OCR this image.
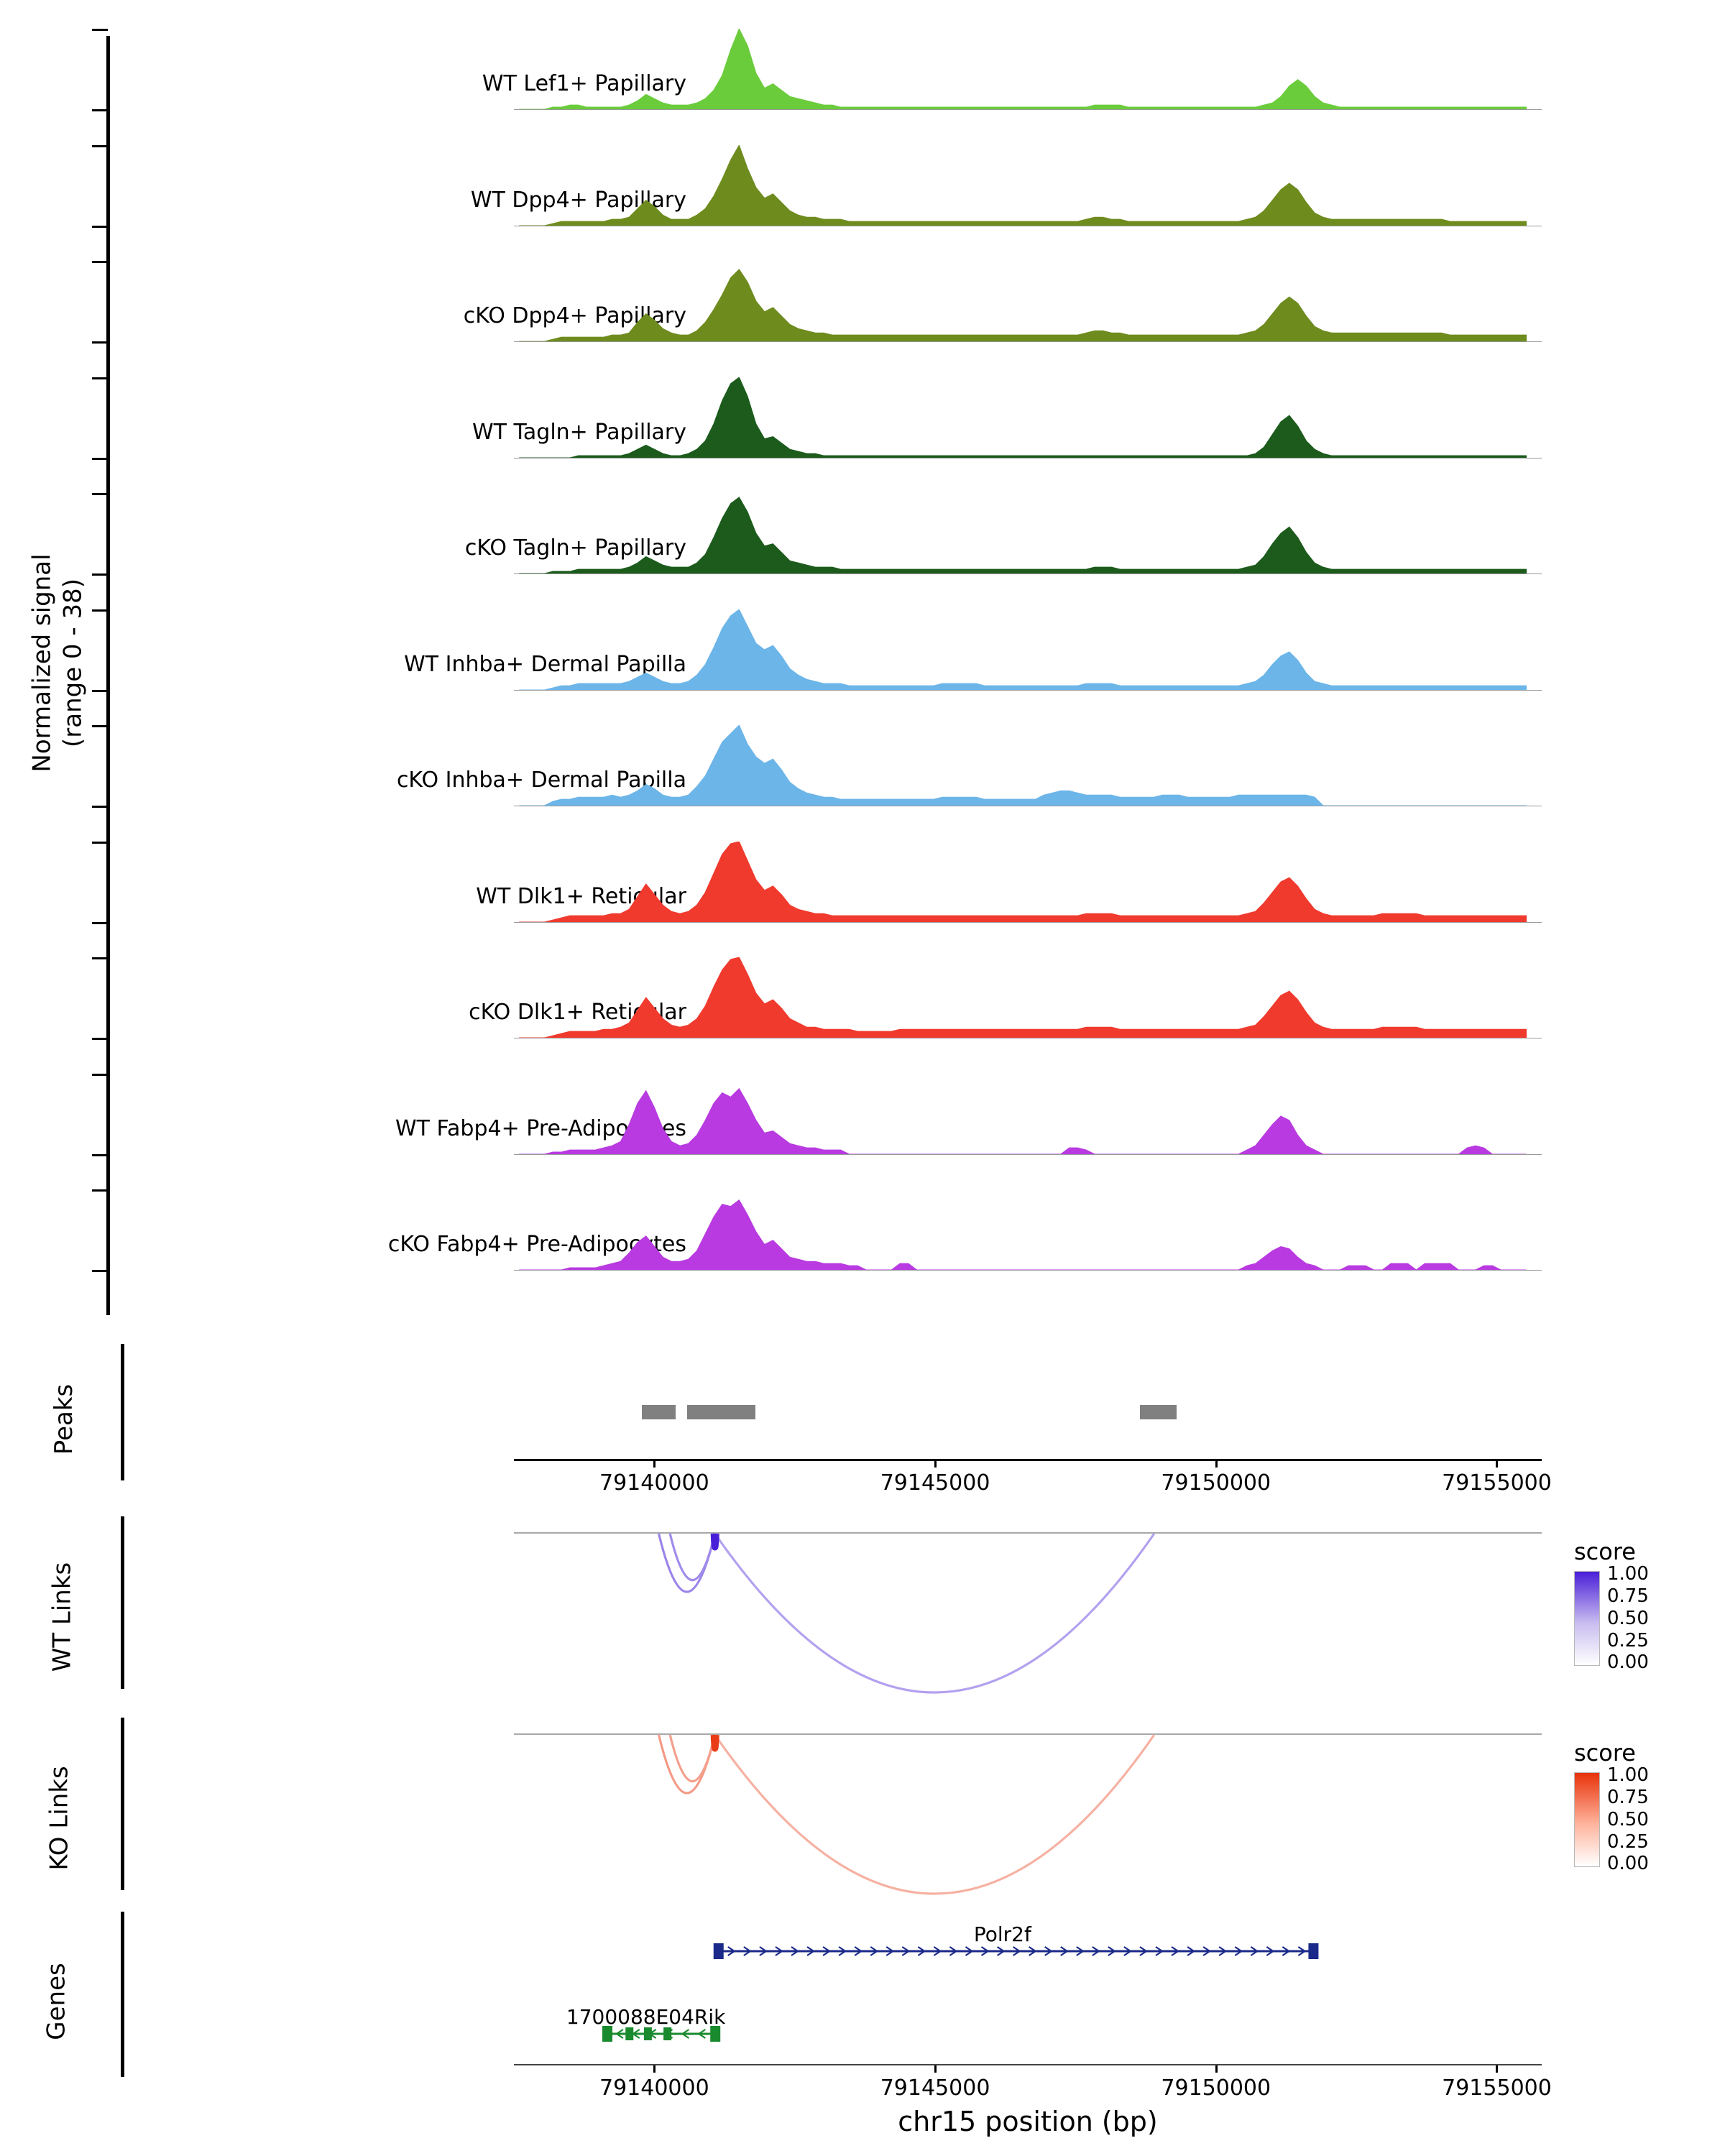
Normalized signal (range 0 - 38)
WT Lef1+ Papillary
WT Dpp4+ Papillary
cKO Dpp4+ Papillary
WT Tagln+ Papillary
cKO Tagln+ Papillary
WT Inhba+ Dermal Papilla
cKO Inhba+ Dermal Papilla
WT Dlk1+ Reticular
cKO Dlk1+ Reticular
WT Fabp4+ Pre-Adipocytes
cKO Fabp4+ Pre-Adipocytes
Peaks
79140000	79145000	79150000	79155000
WT Links
score
1.00
0.75
0.50
0.25
0.00
KO Links
score
1.00
0.75
0.50
0.25
0.00
Genes
Polr2f
1700088E04Rik
79140000	79145000	79150000	79155000
chr15 position (bp)
